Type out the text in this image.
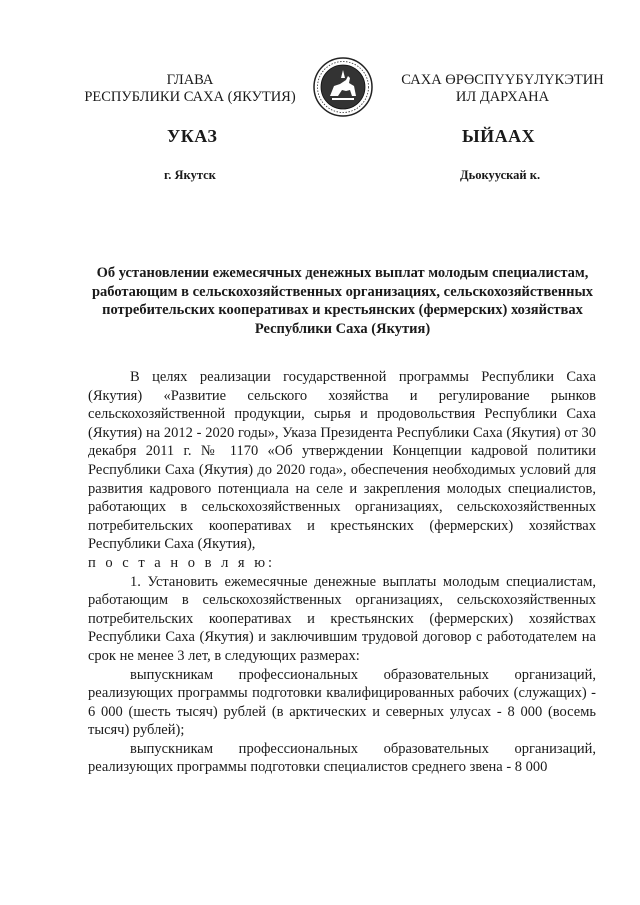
ГЛАВА
РЕСПУБЛИКИ САХА (ЯКУТИЯ)
САХА ӨРӨСПҮҮБҮЛҮКЭТИН
ИЛ ДАРХАНА
УКАЗ	ЫЙААХ
г. Якутск	Дьокуускай к.
Об установлении ежемесячных денежных выплат молодым специалистам, работающим в сельскохозяйственных организациях, сельскохозяйственных потребительских кооперативах и крестьянских (фермерских) хозяйствах Республики Саха (Якутия)

В целях реализации государственной программы Республики Саха (Якутия) «Развитие сельского хозяйства и регулирование рынков сельскохозяйственной продукции, сырья и продовольствия Республики Саха (Якутия) на 2012 - 2020 годы», Указа Президента Республики Саха (Якутия) от 30 декабря 2011 г. № 1170 «Об утверждении Концепции кадровой политики Республики Саха (Якутия) до 2020 года», обеспечения необходимых условий для развития кадрового потенциала на селе и закрепления молодых специалистов, работающих в сельскохозяйственных организациях, сельскохозяйственных потребительских кооперативах и крестьянских (фермерских) хозяйствах Республики Саха (Якутия),

п о с т а н о в л я ю:

1. Установить ежемесячные денежные выплаты молодым специалистам, работающим в сельскохозяйственных организациях, сельскохозяйственных потребительских кооперативах и крестьянских (фермерских) хозяйствах Республики Саха (Якутия) и заключившим трудовой договор с работодателем на срок не менее 3 лет, в следующих размерах:

выпускникам профессиональных образовательных организаций, реализующих программы подготовки квалифицированных рабочих (служащих) - 6 000 (шесть тысяч) рублей (в арктических и северных улусах - 8 000 (восемь тысяч) рублей);

выпускникам профессиональных образовательных организаций, реализующих программы подготовки специалистов среднего звена - 8 000
